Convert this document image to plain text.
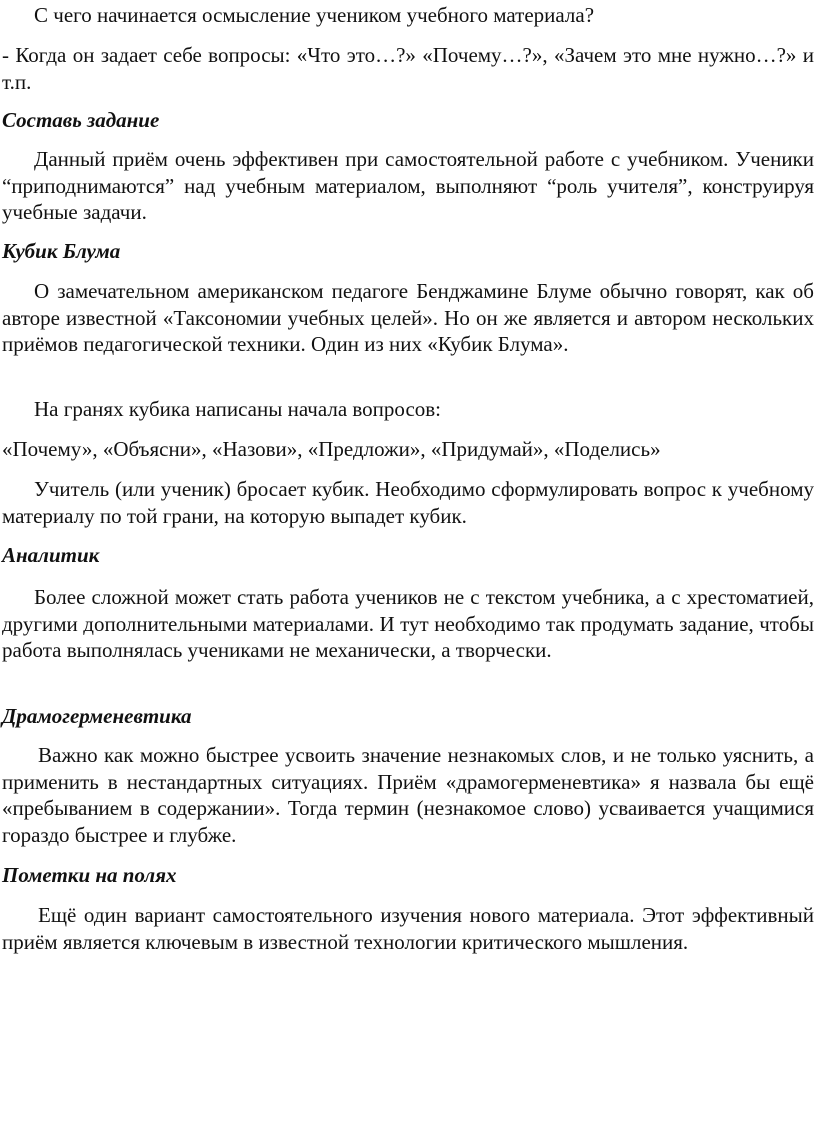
С чего начинается осмысление учеником учебного материала?

- Когда он задает себе вопросы: «Что это…?» «Почему…?», «Зачем это мне нужно…?» и т.п.

Составь задание

Данный приём очень эффективен при самостоятельной работе с учебником. Ученики “приподнимаются” над учебным материалом, выполняют “роль учителя”, конструируя учебные задачи.

Кубик Блума

О замечательном американском педагоге Бенджамине Блуме обычно говорят, как об авторе известной «Таксономии учебных целей». Но он же является и автором нескольких приёмов педагогической техники. Один из них «Кубик Блума».

На гранях кубика написаны начала вопросов:

«Почему», «Объясни», «Назови», «Предложи», «Придумай», «Поделись»

Учитель (или ученик) бросает кубик. Необходимо сформулировать вопрос к учебному материалу по той грани, на которую выпадет кубик.

Аналитик

Более сложной может стать работа учеников не с текстом учебника, а с хрестоматией, другими дополнительными материалами. И тут необходимо так продумать задание, чтобы работа выполнялась учениками не механически, а творчески.

Драмогерменевтика

Важно как можно быстрее усвоить значение незнакомых слов, и не только уяснить, а применить в нестандартных ситуациях. Приём «драмогерменевтика» я назвала бы ещё «пребыванием в содержании». Тогда термин (незнакомое слово) усваивается учащимися гораздо быстрее и глубже.

Пометки на полях

Ещё один вариант самостоятельного изучения нового материала. Этот эффективный приём является ключевым в известной технологии критического мышления.
